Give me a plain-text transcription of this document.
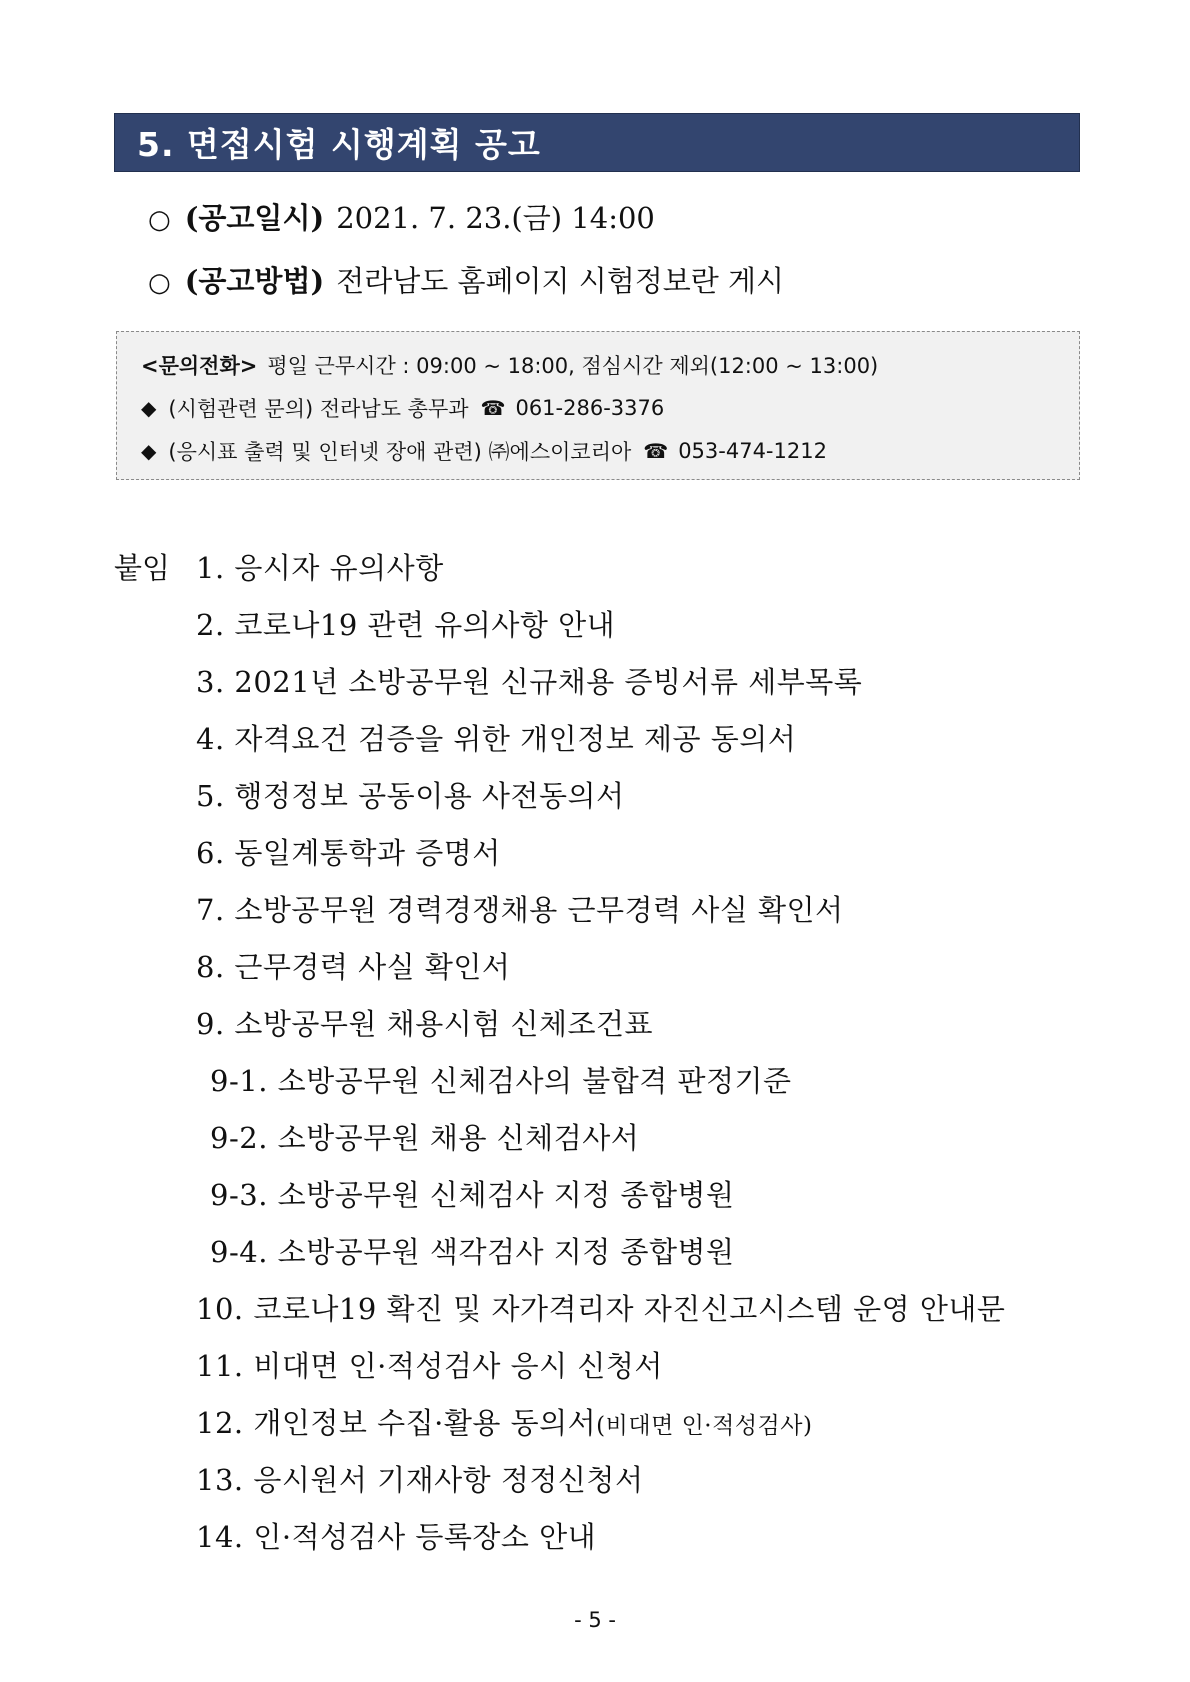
5. 면접시험 시행계획 공고
○ (공고일시) 2021. 7. 23.(금) 14:00
○ (공고방법) 전라남도 홈페이지 시험정보란 게시
<문의전화> 평일 근무시간 : 09:00 ~ 18:00, 점심시간 제외(12:00 ~ 13:00)
◆ (시험관련 문의) 전라남도 총무과 ☎ 061-286-3376
◆ (응시표 출력 및 인터넷 장애 관련) ㈜에스이코리아 ☎ 053-474-1212
붙임 1. 응시자 유의사항
2. 코로나19 관련 유의사항 안내
3. 2021년 소방공무원 신규채용 증빙서류 세부목록
4. 자격요건 검증을 위한 개인정보 제공 동의서
5. 행정정보 공동이용 사전동의서
6. 동일계통학과 증명서
7. 소방공무원 경력경쟁채용 근무경력 사실 확인서
8. 근무경력 사실 확인서
9. 소방공무원 채용시험 신체조건표
9-1. 소방공무원 신체검사의 불합격 판정기준
9-2. 소방공무원 채용 신체검사서
9-3. 소방공무원 신체검사 지정 종합병원
9-4. 소방공무원 색각검사 지정 종합병원
10. 코로나19 확진 및 자가격리자 자진신고시스템 운영 안내문
11. 비대면 인·적성검사 응시 신청서
12. 개인정보 수집·활용 동의서(비대면 인·적성검사)
13. 응시원서 기재사항 정정신청서
14. 인·적성검사 등록장소 안내
- 5 -
